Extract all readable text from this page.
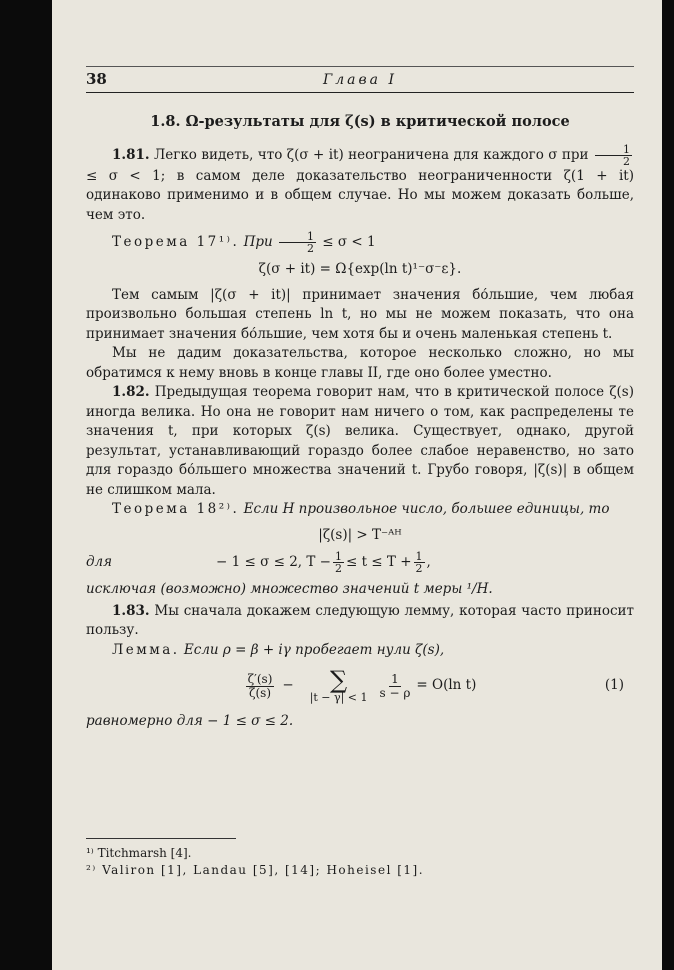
38	Глава I
1.8. Ω-результаты для ζ(s) в критической полосе

1.81. Легко видеть, что ζ(σ + it) неограничена для каждого σ при $\frac{1}{2}$
≤ σ < 1; в самом деле доказательство неограниченности ζ(1 + it) одинаково применимо и в общем случае. Но мы можем доказать больше, чем это.

Теорема 17¹⁾. При $\frac{1}{2} \le \sigma < 1$

ζ(σ + it) = Ω{exp(ln t)¹⁻σ⁻ε}.

Тем самым |ζ(σ + it)| принимает значения бо́льшие, чем любая произвольно большая степень ln t, но мы не можем показать, что она принимает значения бо́льшие, чем хотя бы и очень маленькая степень t.

Мы не дадим доказательства, которое несколько сложно, но мы обратимся к нему вновь в конце главы II, где оно более уместно.

1.82. Предыдущая теорема говорит нам, что в критической полосе ζ(s) иногда велика. Но она не говорит нам ничего о том, как распределены те значения t, при которых ζ(s) велика. Существует, однако, другой результат, устанавливающий гораздо более слабое неравенство, но зато для гораздо бо́льшего множества значений t. Грубо говоря, |ζ(s)| в общем не слишком мала.

Теорема 18²⁾. Если H произвольное число, большее единицы, то

|ζ(s)| > T⁻ᴬᴴ
для	− 1 ≤ σ ≤ 2, $T - \frac{1}{2} \le t \le T + \frac{1}{2}$ ,
исключая (возможно) множество значений t меры ¹/H.

1.83. Мы сначала докажем следующую лемму, которая часто приносит пользу.

Лемма. Если ρ = β + iγ пробегает нули ζ(s),

$\frac{\zeta'(s)}{\zeta(s)}$ − ∑
$|t - \gamma| < 1 \frac{1}{s - \rho} = O(\ln$ t)	(1)
равномерно для − 1 ≤ σ ≤ 2.
¹⁾ Titchmarsh [4].
²⁾ Valiron [1], Landau [5], [14]; Hoheisel [1].
